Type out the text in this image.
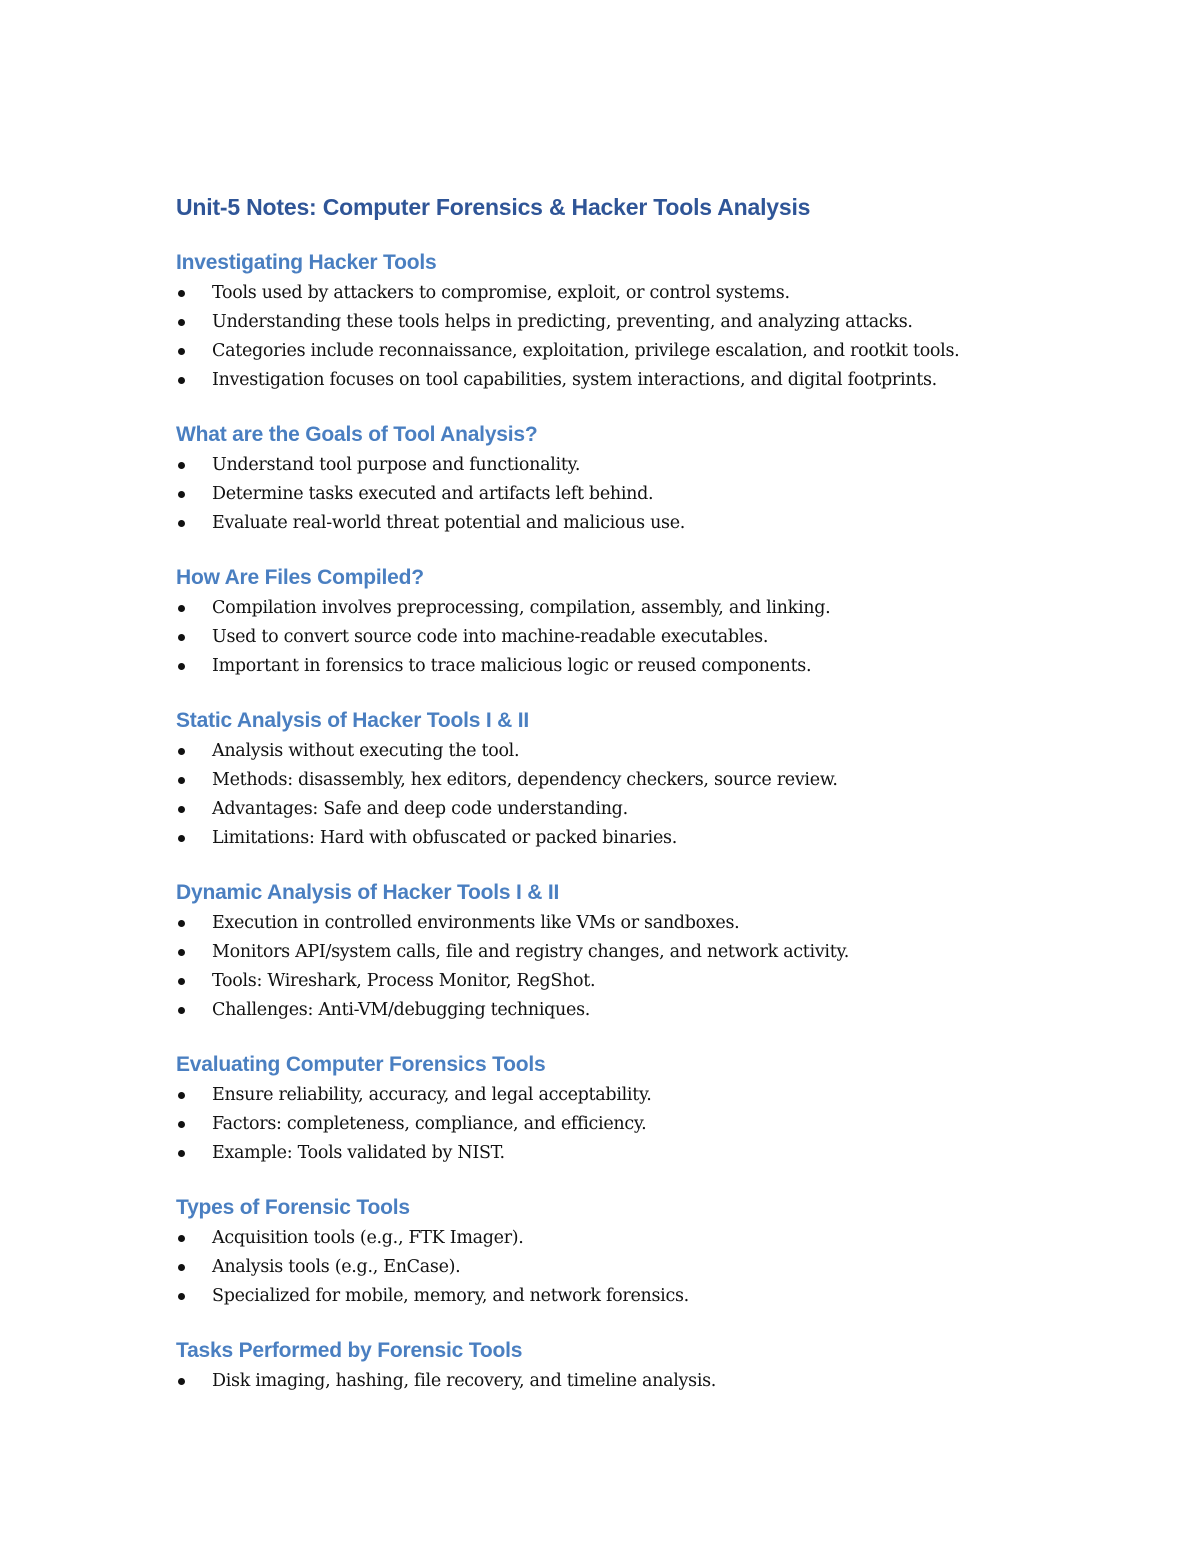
Unit-5 Notes: Computer Forensics & Hacker Tools Analysis
Investigating Hacker Tools
Tools used by attackers to compromise, exploit, or control systems.
Understanding these tools helps in predicting, preventing, and analyzing attacks.
Categories include reconnaissance, exploitation, privilege escalation, and rootkit tools.
Investigation focuses on tool capabilities, system interactions, and digital footprints.
What are the Goals of Tool Analysis?
Understand tool purpose and functionality.
Determine tasks executed and artifacts left behind.
Evaluate real-world threat potential and malicious use.
How Are Files Compiled?
Compilation involves preprocessing, compilation, assembly, and linking.
Used to convert source code into machine-readable executables.
Important in forensics to trace malicious logic or reused components.
Static Analysis of Hacker Tools I & II
Analysis without executing the tool.
Methods: disassembly, hex editors, dependency checkers, source review.
Advantages: Safe and deep code understanding.
Limitations: Hard with obfuscated or packed binaries.
Dynamic Analysis of Hacker Tools I & II
Execution in controlled environments like VMs or sandboxes.
Monitors API/system calls, file and registry changes, and network activity.
Tools: Wireshark, Process Monitor, RegShot.
Challenges: Anti-VM/debugging techniques.
Evaluating Computer Forensics Tools
Ensure reliability, accuracy, and legal acceptability.
Factors: completeness, compliance, and efficiency.
Example: Tools validated by NIST.
Types of Forensic Tools
Acquisition tools (e.g., FTK Imager).
Analysis tools (e.g., EnCase).
Specialized for mobile, memory, and network forensics.
Tasks Performed by Forensic Tools
Disk imaging, hashing, file recovery, and timeline analysis.
